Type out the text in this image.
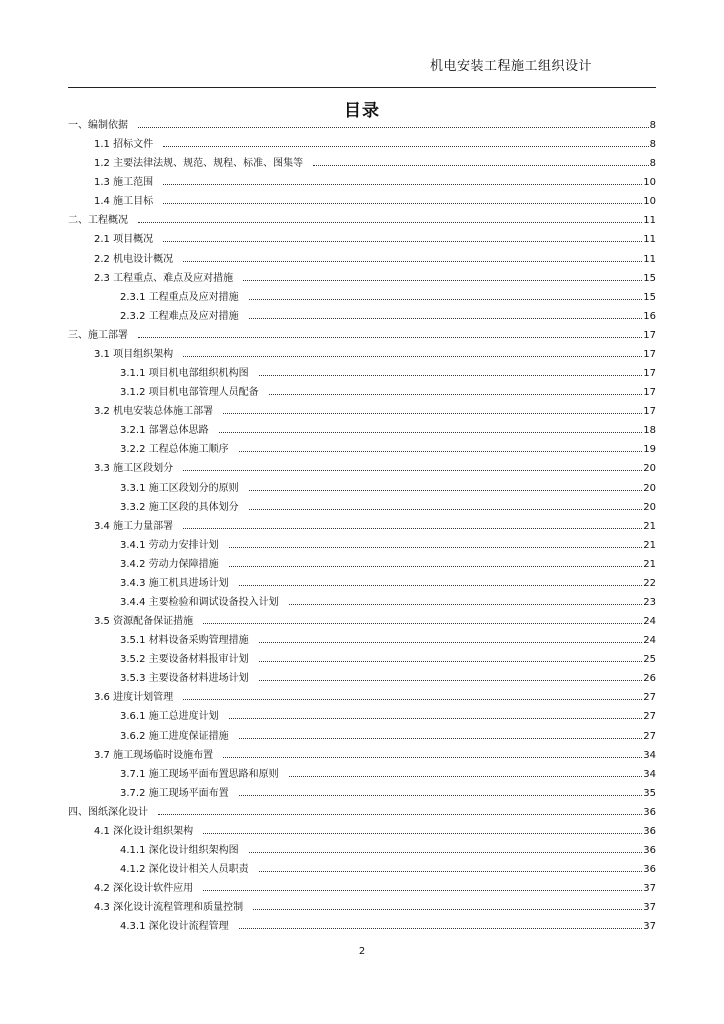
机电安装工程施工组织设计
目录
一、编制依据	8
1.1 招标文件	8
1.2 主要法律法规、规范、规程、标准、图集等	8
1.3 施工范围	10
1.4 施工目标	10
二、工程概况	11
2.1 项目概况	11
2.2 机电设计概况	11
2.3 工程重点、难点及应对措施	15
2.3.1 工程重点及应对措施	15
2.3.2 工程难点及应对措施	16
三、施工部署	17
3.1 项目组织架构	17
3.1.1 项目机电部组织机构图	17
3.1.2 项目机电部管理人员配备	17
3.2 机电安装总体施工部署	17
3.2.1 部署总体思路	18
3.2.2 工程总体施工顺序	19
3.3 施工区段划分	20
3.3.1 施工区段划分的原则	20
3.3.2 施工区段的具体划分	20
3.4 施工力量部署	21
3.4.1 劳动力安排计划	21
3.4.2 劳动力保障措施	21
3.4.3 施工机具进场计划	22
3.4.4 主要检验和调试设备投入计划	23
3.5 资源配备保证措施	24
3.5.1 材料设备采购管理措施	24
3.5.2 主要设备材料报审计划	25
3.5.3 主要设备材料进场计划	26
3.6 进度计划管理	27
3.6.1 施工总进度计划	27
3.6.2 施工进度保证措施	27
3.7 施工现场临时设施布置	34
3.7.1 施工现场平面布置思路和原则	34
3.7.2 施工现场平面布置	35
四、图纸深化设计	36
4.1 深化设计组织架构	36
4.1.1 深化设计组织架构图	36
4.1.2 深化设计相关人员职责	36
4.2 深化设计软件应用	37
4.3 深化设计流程管理和质量控制	37
4.3.1 深化设计流程管理	37
2
